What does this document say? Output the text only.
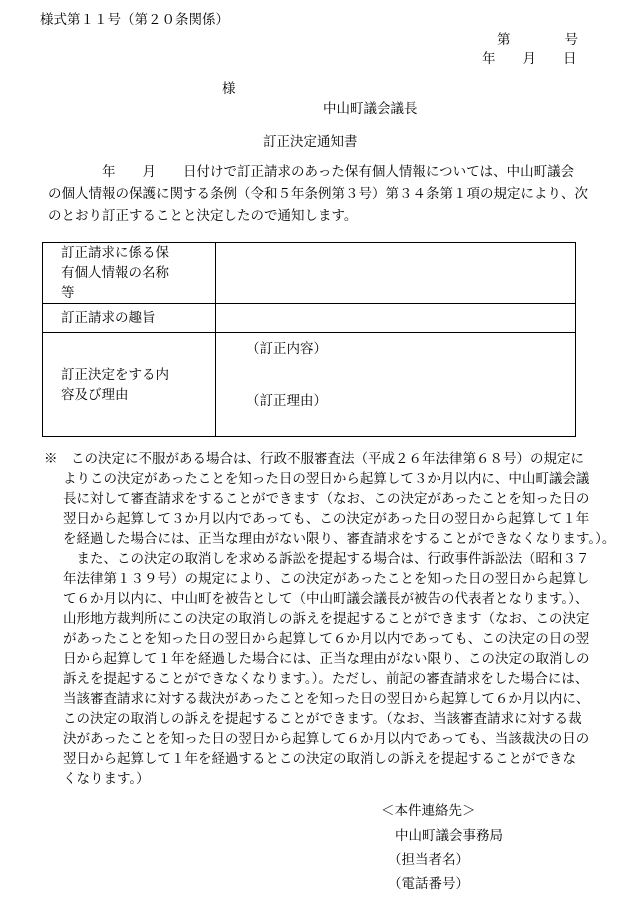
様式第１１号（第２０条関係）
第　　　　号
年　　月　　日
様
中山町議会議長
訂正決定通知書
　　　　年　　月　　日付けで訂正請求のあった保有個人情報については、中山町議会
の個人情報の保護に関する条例（令和５年条例第３号）第３４条第１項の規定により、次
のとおり訂正することと決定したので通知します。
訂正請求に係る保
有個人情報の名称
等	

訂正請求の趣旨	

訂正決定をする内
容及び理由	（訂正内容）
（訂正理由）
※　この決定に不服がある場合は、行政不服審査法（平成２６年法律第６８号）の規定に
よりこの決定があったことを知った日の翌日から起算して３か月以内に、中山町議会議
長に対して審査請求をすることができます（なお、この決定があったことを知った日の
翌日から起算して３か月以内であっても、この決定があった日の翌日から起算して１年
を経過した場合には、正当な理由がない限り、審査請求をすることができなくなります。）。
　また、この決定の取消しを求める訴訟を提起する場合は、行政事件訴訟法（昭和３７
年法律第１３９号）の規定により、この決定があったことを知った日の翌日から起算し
て６か月以内に、中山町を被告として（中山町議会議長が被告の代表者となります。）、
山形地方裁判所にこの決定の取消しの訴えを提起することができます（なお、この決定
があったことを知った日の翌日から起算して６か月以内であっても、この決定の日の翌
日から起算して１年を経過した場合には、正当な理由がない限り、この決定の取消しの
訴えを提起することができなくなります。）。ただし、前記の審査請求をした場合には、
当該審査請求に対する裁決があったことを知った日の翌日から起算して６か月以内に、
この決定の取消しの訴えを提起することができます。（なお、当該審査請求に対する裁
決があったことを知った日の翌日から起算して６か月以内であっても、当該裁決の日の
翌日から起算して１年を経過するとこの決定の取消しの訴えを提起することができな
くなります。）
＜本件連絡先＞
中山町議会事務局
（担当者名）
（電話番号）
